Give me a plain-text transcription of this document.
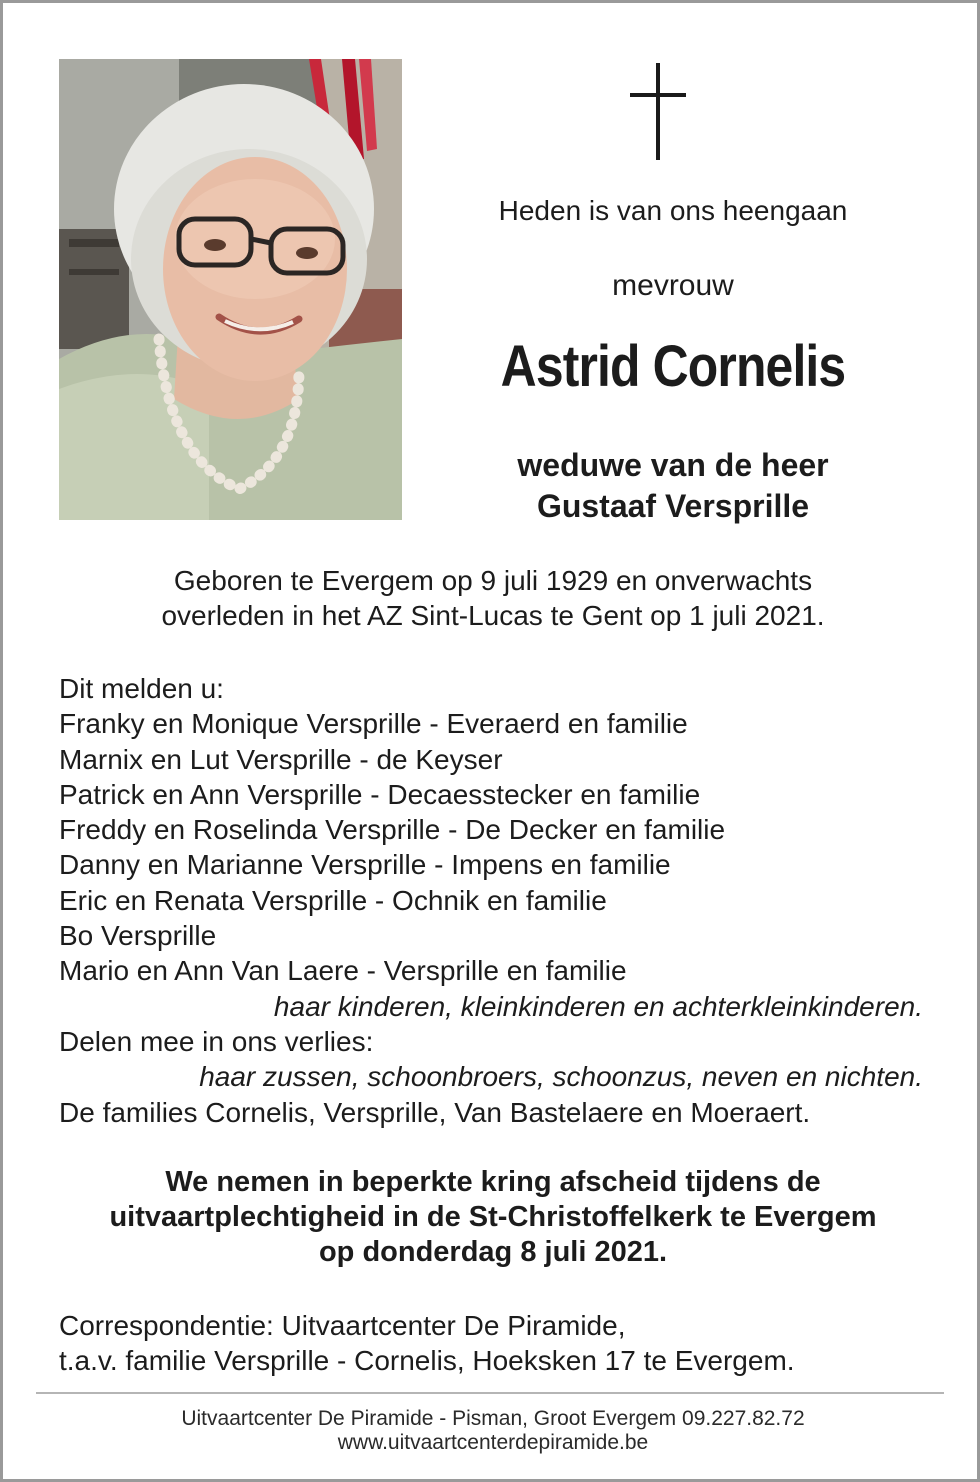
Heden is van ons heengaan
mevrouw
Astrid Cornelis
weduwe van de heer
Gustaaf Versprille
Geboren te Evergem op 9 juli 1929 en onverwachts
overleden in het AZ Sint-Lucas te Gent op 1 juli 2021.
Dit melden u:
Franky en Monique Versprille - Everaerd en familie
Marnix en Lut Versprille - de Keyser
Patrick en Ann Versprille - Decaesstecker en familie
Freddy en Roselinda Versprille - De Decker en familie
Danny en Marianne Versprille - Impens en familie
Eric en Renata Versprille - Ochnik en familie
Bo Versprille
Mario en Ann Van Laere - Versprille en familie
haar kinderen, kleinkinderen en achterkleinkinderen.
Delen mee in ons verlies:
haar zussen, schoonbroers, schoonzus, neven en nichten.
De families Cornelis, Versprille, Van Bastelaere en Moeraert.
We nemen in beperkte kring afscheid tijdens de
uitvaartplechtigheid in de St-Christoffelkerk te Evergem
op donderdag 8 juli 2021.
Correspondentie: Uitvaartcenter De Piramide,
t.a.v. familie Versprille - Cornelis, Hoeksken 17 te Evergem.
Uitvaartcenter De Piramide - Pisman, Groot Evergem 09.227.82.72
www.uitvaartcenterdepiramide.be
